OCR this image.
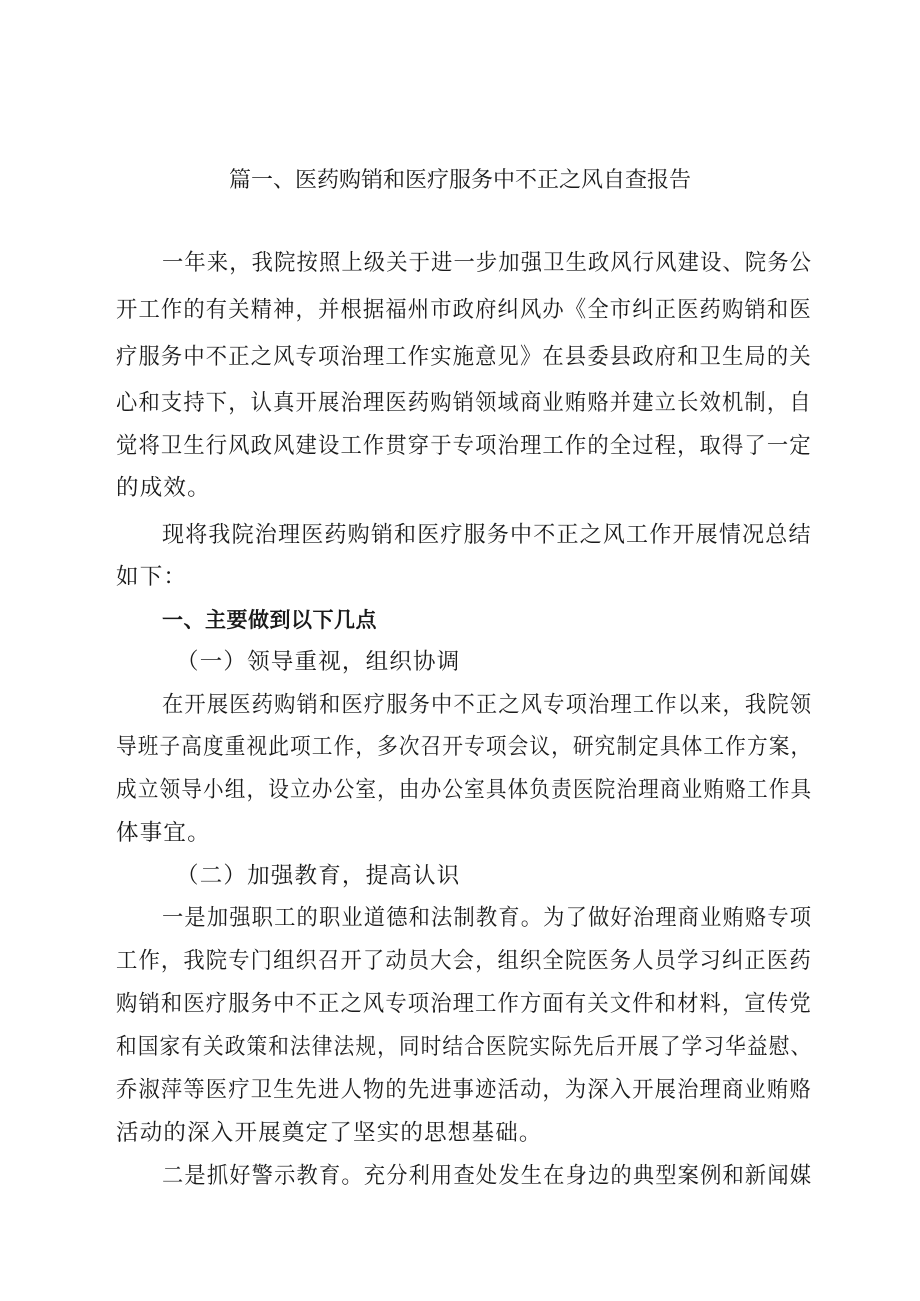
篇一、医药购销和医疗服务中不正之风自查报告

一年来，我院按照上级关于进一步加强卫生政风行风建设、院务公

开工作的有关精神，并根据福州市政府纠风办《全市纠正医药购销和医

疗服务中不正之风专项治理工作实施意见》在县委县政府和卫生局的关

心和支持下，认真开展治理医药购销领域商业贿赂并建立长效机制，自

觉将卫生行风政风建设工作贯穿于专项治理工作的全过程，取得了一定

的成效。

现将我院治理医药购销和医疗服务中不正之风工作开展情况总结

如下：

一、主要做到以下几点

（一）领导重视，组织协调

在开展医药购销和医疗服务中不正之风专项治理工作以来，我院领

导班子高度重视此项工作，多次召开专项会议，研究制定具体工作方案，

成立领导小组，设立办公室，由办公室具体负责医院治理商业贿赂工作具

体事宜。

（二）加强教育，提高认识

一是加强职工的职业道德和法制教育。为了做好治理商业贿赂专项

工作，我院专门组织召开了动员大会，组织全院医务人员学习纠正医药

购销和医疗服务中不正之风专项治理工作方面有关文件和材料，宣传党

和国家有关政策和法律法规，同时结合医院实际先后开展了学习华益慰、

乔淑萍等医疗卫生先进人物的先进事迹活动，为深入开展治理商业贿赂

活动的深入开展奠定了坚实的思想基础。

二是抓好警示教育。充分利用查处发生在身边的典型案例和新闻媒
